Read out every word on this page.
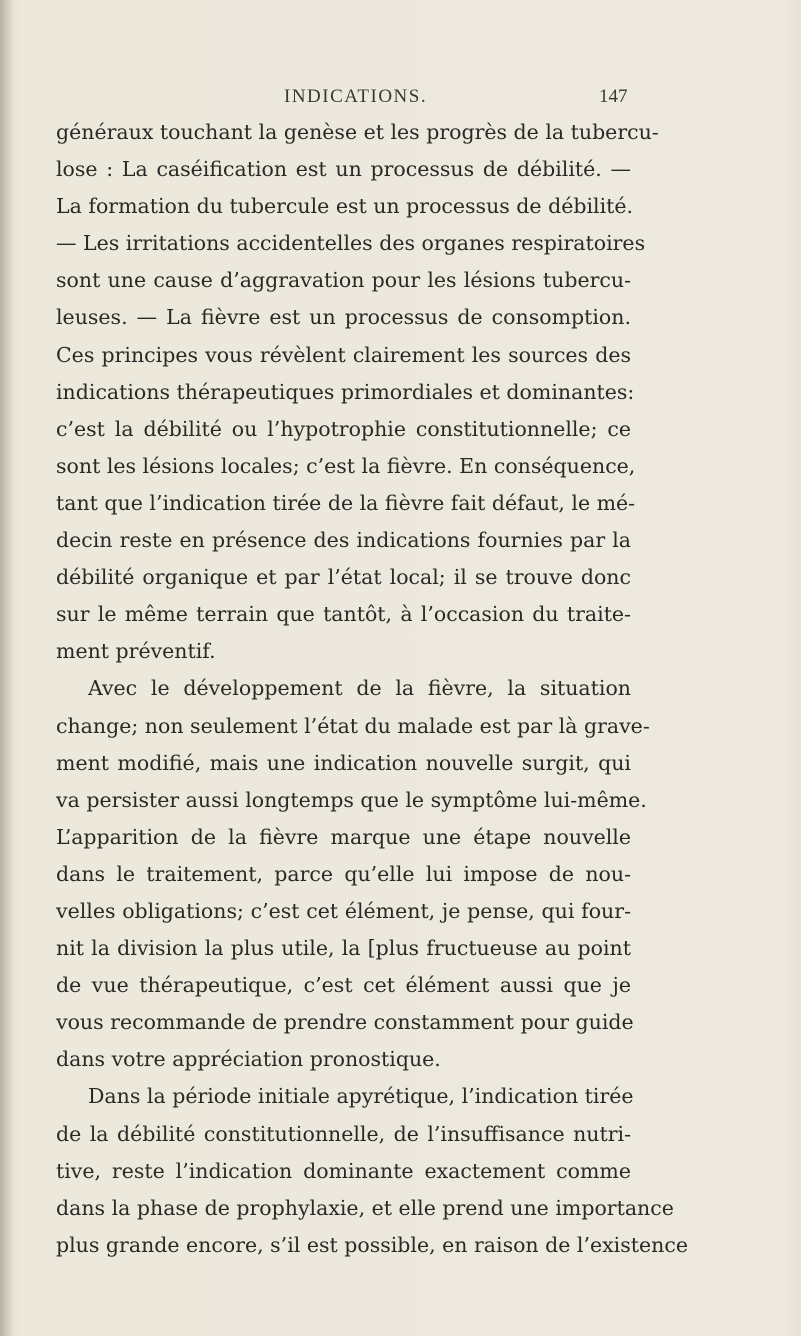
INDICATIONS.	147
généraux touchant la genèse et les progrès de la tubercu-
lose : La caséification est un processus de débilité. —
La formation du tubercule est un processus de débilité.
— Les irritations accidentelles des organes respiratoires
sont une cause d’aggravation pour les lésions tubercu-
leuses. — La fièvre est un processus de consomption.
Ces principes vous révèlent clairement les sources des
indications thérapeutiques primordiales et dominantes:
c’est la débilité ou l’hypotrophie constitutionnelle; ce
sont les lésions locales; c’est la fièvre. En conséquence,
tant que l’indication tirée de la fièvre fait défaut, le mé-
decin reste en présence des indications fournies par la
débilité organique et par l’état local; il se trouve donc
sur le même terrain que tantôt, à l’occasion du traite-
ment préventif.
Avec le développement de la fièvre, la situation
change; non seulement l’état du malade est par là grave-
ment modifié, mais une indication nouvelle surgit, qui
va persister aussi longtemps que le symptôme lui-même.
L’apparition de la fièvre marque une étape nouvelle
dans le traitement, parce qu’elle lui impose de nou-
velles obligations; c’est cet élément, je pense, qui four-
nit la division la plus utile, la [plus fructueuse au point
de vue thérapeutique, c’est cet élément aussi que je
vous recommande de prendre constamment pour guide
dans votre appréciation pronostique.
Dans la période initiale apyrétique, l’indication tirée
de la débilité constitutionnelle, de l’insuffisance nutri-
tive, reste l’indication dominante exactement comme
dans la phase de prophylaxie, et elle prend une importance
plus grande encore, s’il est possible, en raison de l’existence
